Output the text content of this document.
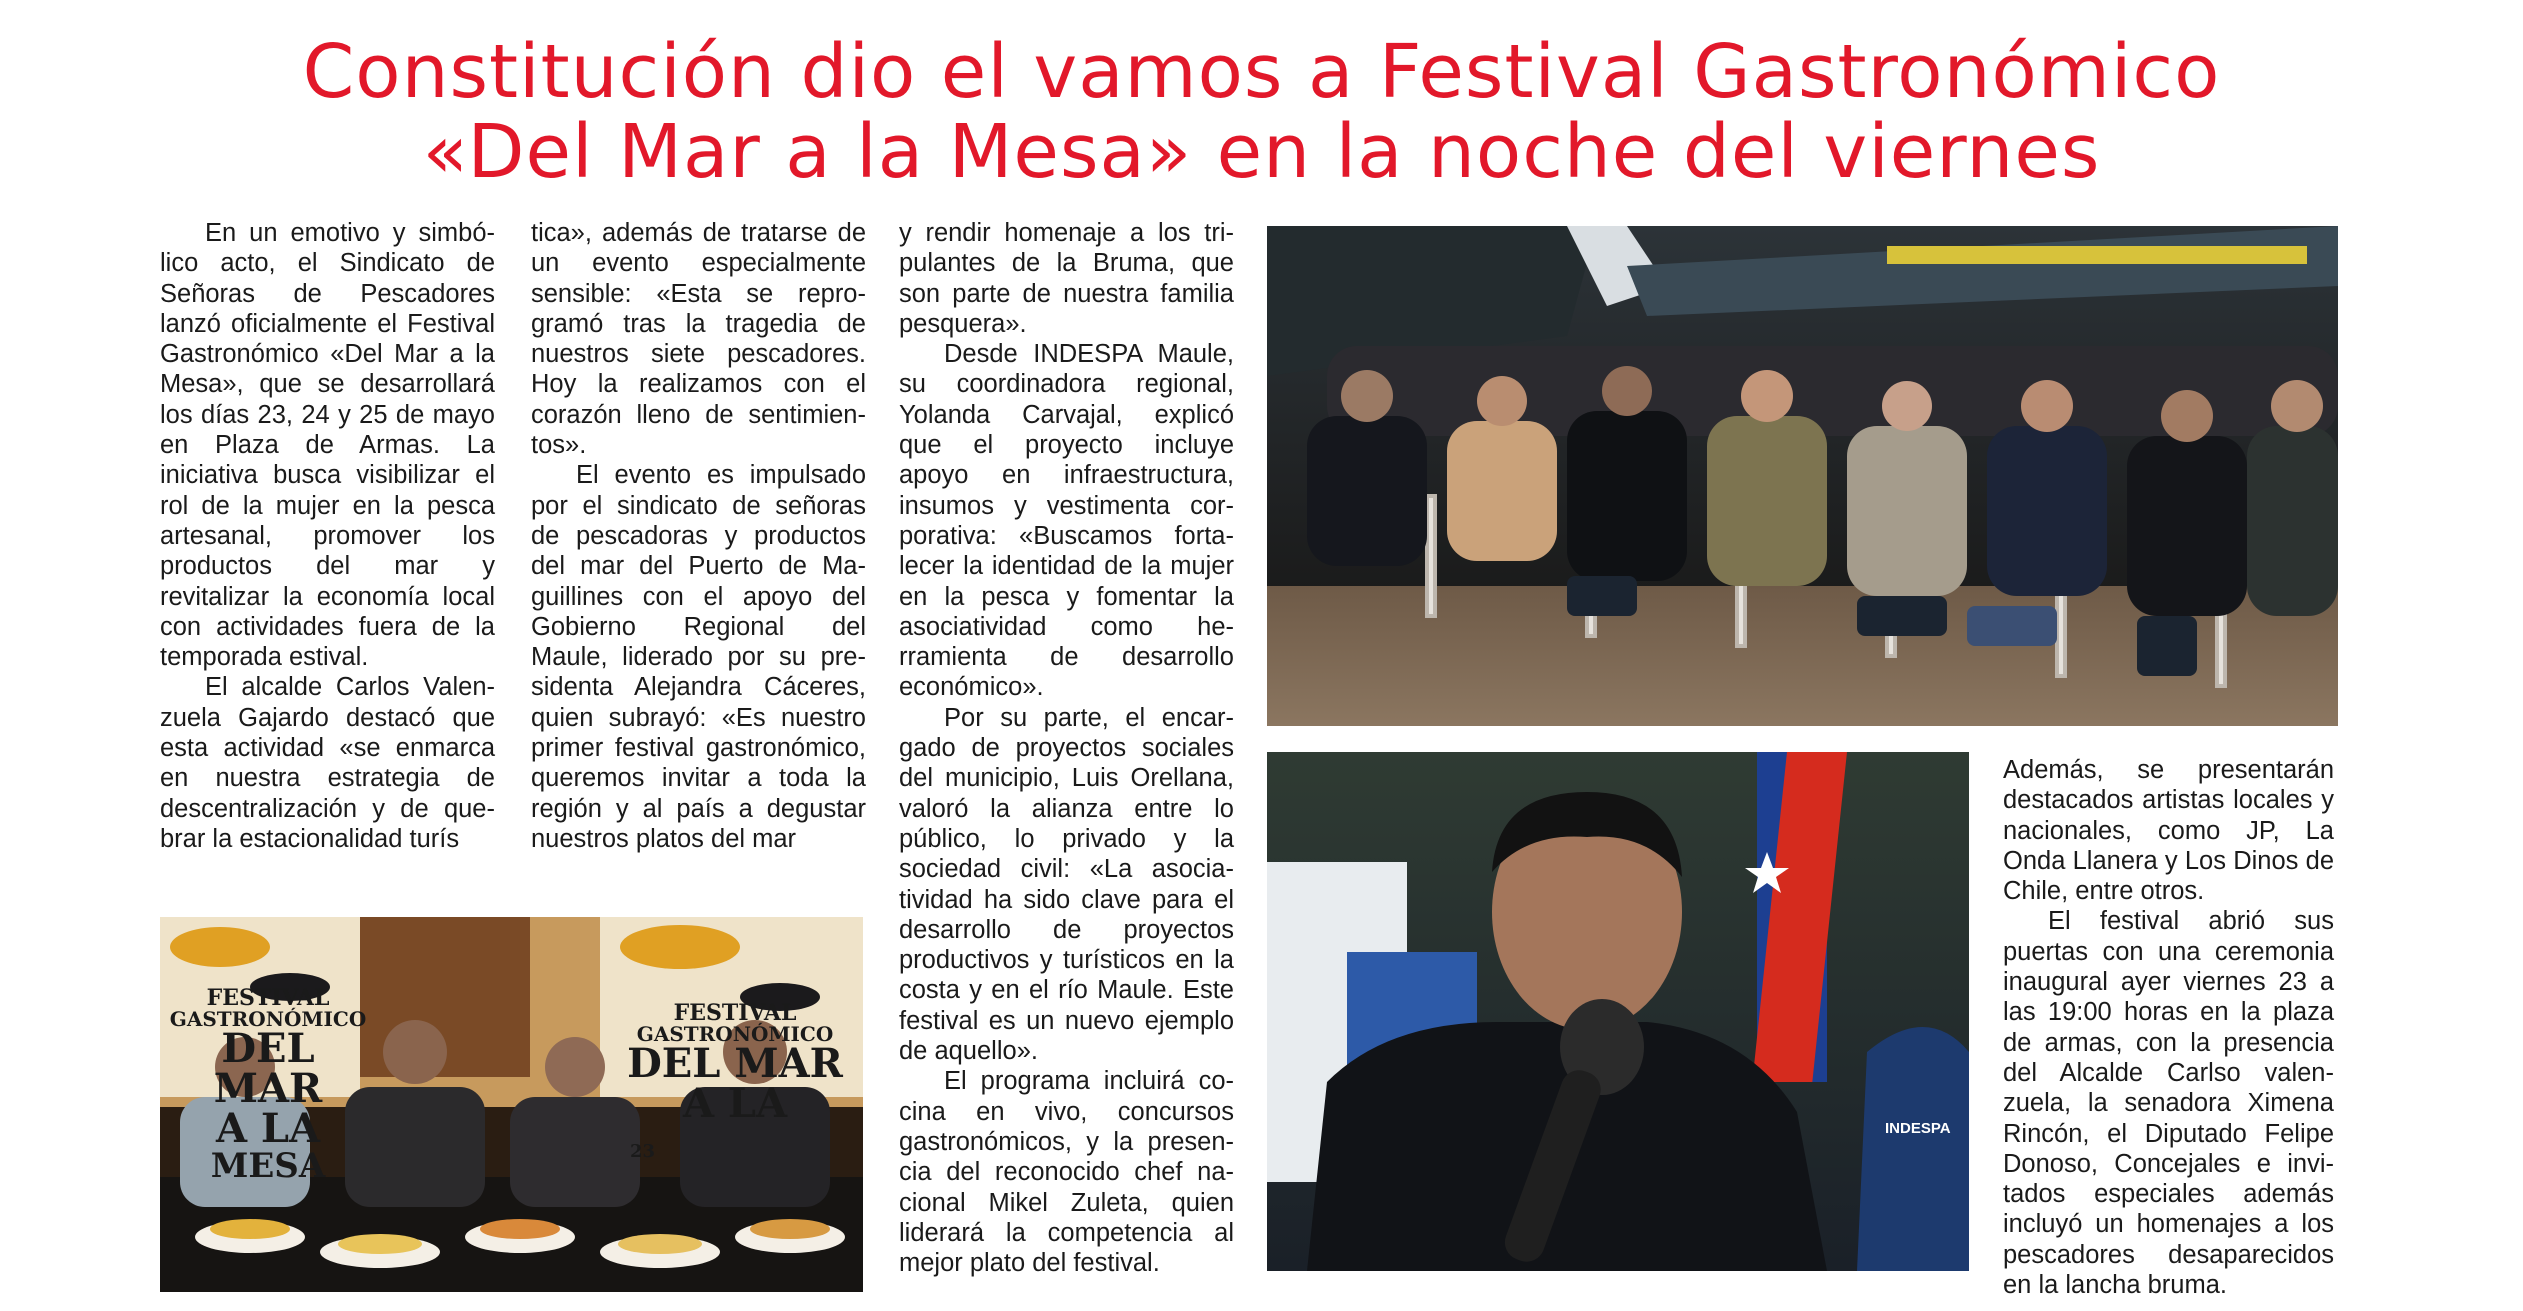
Constitución dio el vamos a Festival Gastronómico
«Del Mar a la Mesa» en la noche del viernes

En un emotivo y simbólico acto, el Sindicato de Señoras de Pescadores lanzó oficialmente el Festival Gastronómico «Del Mar a la Mesa», que se desarrollará los días 23, 24 y 25 de mayo en Plaza de Armas. La iniciativa busca visibilizar el rol de la mujer en la pesca artesanal, promover los productos del mar y revitalizar la economía local con actividades fuera de la temporada estival.

El alcalde Carlos Valenzuela Gajardo destacó que esta actividad «se enmarca en nuestra estrategia de descentralización y de quebrar la estacionalidad turís

tica», además de tratarse de un evento especialmente sensible: «Esta se reprogramó tras la tragedia de nuestros siete pescadores. Hoy la realizamos con el corazón lleno de sentimientos».

El evento es impulsado por el sindicato de señoras de pescadoras y productos del mar del Puerto de Maguillines con el apoyo del Gobierno Regional del Maule, liderado por su presidenta Alejandra Cáceres, quien subrayó: «Es nuestro primer festival gastronómico, queremos invitar a toda la región y al país a degustar nuestros platos del mar

y rendir homenaje a los tripulantes de la Bruma, que son parte de nuestra familia pesquera».

Desde INDESPA Maule, su coordinadora regional, Yolanda Carvajal, explicó que el proyecto incluye apoyo en infraestructura, insumos y vestimenta corporativa: «Buscamos fortalecer la identidad de la mujer en la pesca y fomentar la asociatividad como herramienta de desarrollo económico».

Por su parte, el encargado de proyectos sociales del municipio, Luis Orellana, valoró la alianza entre lo público, lo privado y la sociedad civil: «La asociatividad ha sido clave para el desarrollo de proyectos productivos y turísticos en la costa y en el río Maule. Este festival es un nuevo ejemplo de aquello».

El programa incluirá cocina en vivo, concursos gastronómicos, y la presencia del reconocido chef nacional Mikel Zuleta, quien liderará la competencia al mejor plato del festival.

Además, se presentarán destacados artistas locales y nacionales, como JP, La Onda Llanera y Los Dinos de Chile, entre otros.

El festival abrió sus puertas con una ceremonia inaugural ayer viernes 23 a las 19:00 horas en la plaza de armas, con la presencia del Alcalde Carlso valenzuela, la senadora Ximena Rincón, el Diputado Felipe Donoso, Concejales e invitados especiales además incluyó un homenajes a los pescadores desaparecidos en la lancha bruma.

FESTIVAL
GASTRONÓMICO
DEL MAR
A LA
MESA
FESTIVAL
GASTRONÓMICO
DEL MAR
A LA
23
INDESPA
